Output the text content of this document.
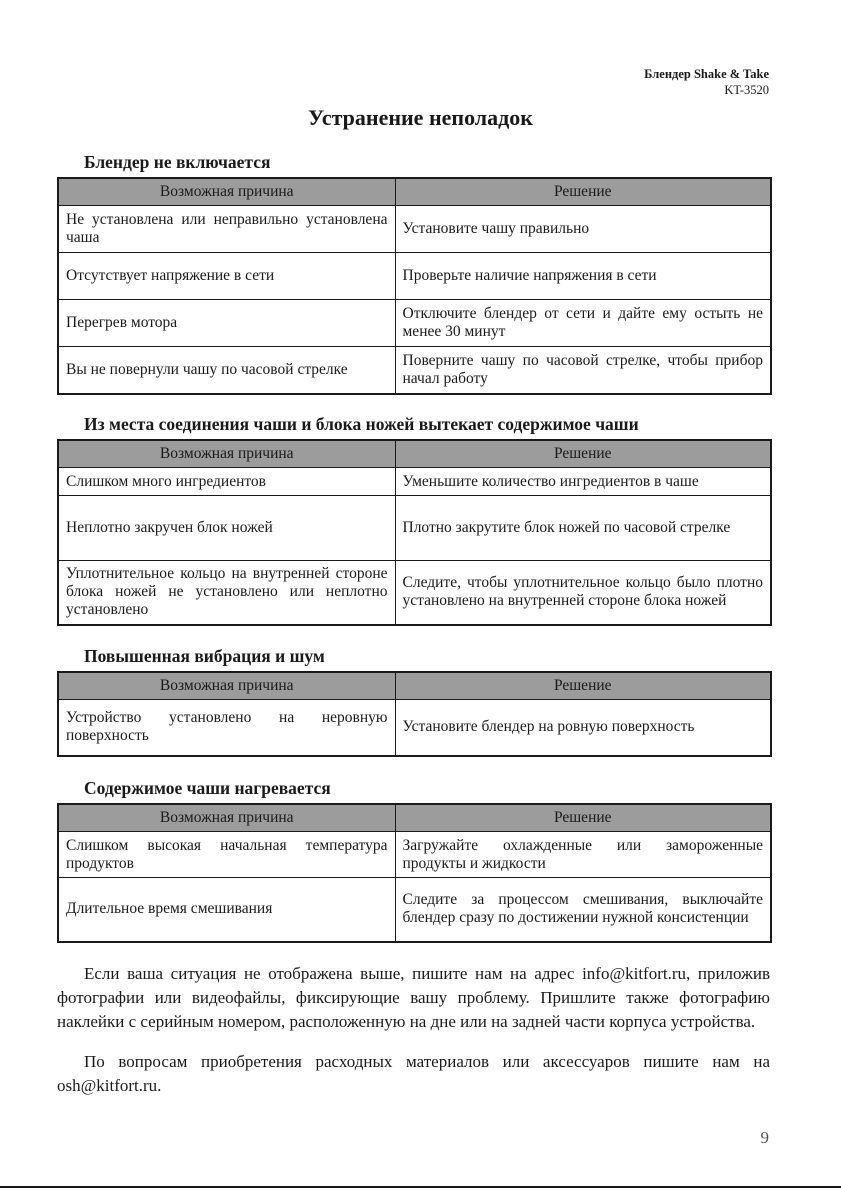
Блендер Shake & Take
KT-3520
Устранение неполадок
Блендер не включается
Возможная причина	Решение
Не установлена или неправильно установлена чаша	Установите чашу правильно
Отсутствует напряжение в сети	Проверьте наличие напряжения в сети
Перегрев мотора	Отключите блендер от сети и дайте ему остыть не менее 30 минут
Вы не повернули чашу по часовой стрелке	Поверните чашу по часовой стрелке, чтобы прибор начал работу
Из места соединения чаши и блока ножей вытекает содержимое чаши
Возможная причина	Решение
Слишком много ингредиентов	Уменьшите количество ингредиентов в чаше
Неплотно закручен блок ножей	Плотно закрутите блок ножей по часовой стрелке
Уплотнительное кольцо на внутренней стороне блока ножей не установлено или неплотно установлено	Следите, чтобы уплотнительное кольцо было плотно установлено на внутренней стороне блока ножей
Повышенная вибрация и шум
Возможная причина	Решение
Устройство установлено на неровную поверхность	Установите блендер на ровную поверхность
Содержимое чаши нагревается
Возможная причина	Решение
Слишком высокая начальная температура продуктов	Загружайте охлажденные или замороженные продукты и жидкости
Длительное время смешивания	Следите за процессом смешивания, выключайте блендер сразу по достижении нужной консистенции

Если ваша ситуация не отображена выше, пишите нам на адрес info@kitfort.ru, приложив фотографии или видеофайлы, фиксирующие вашу проблему. Пришлите также фотографию наклейки с серийным номером, расположенную на дне или на задней части корпуса устройства.

По вопросам приобретения расходных материалов или аксессуаров пишите нам на osh@kitfort.ru.

9
